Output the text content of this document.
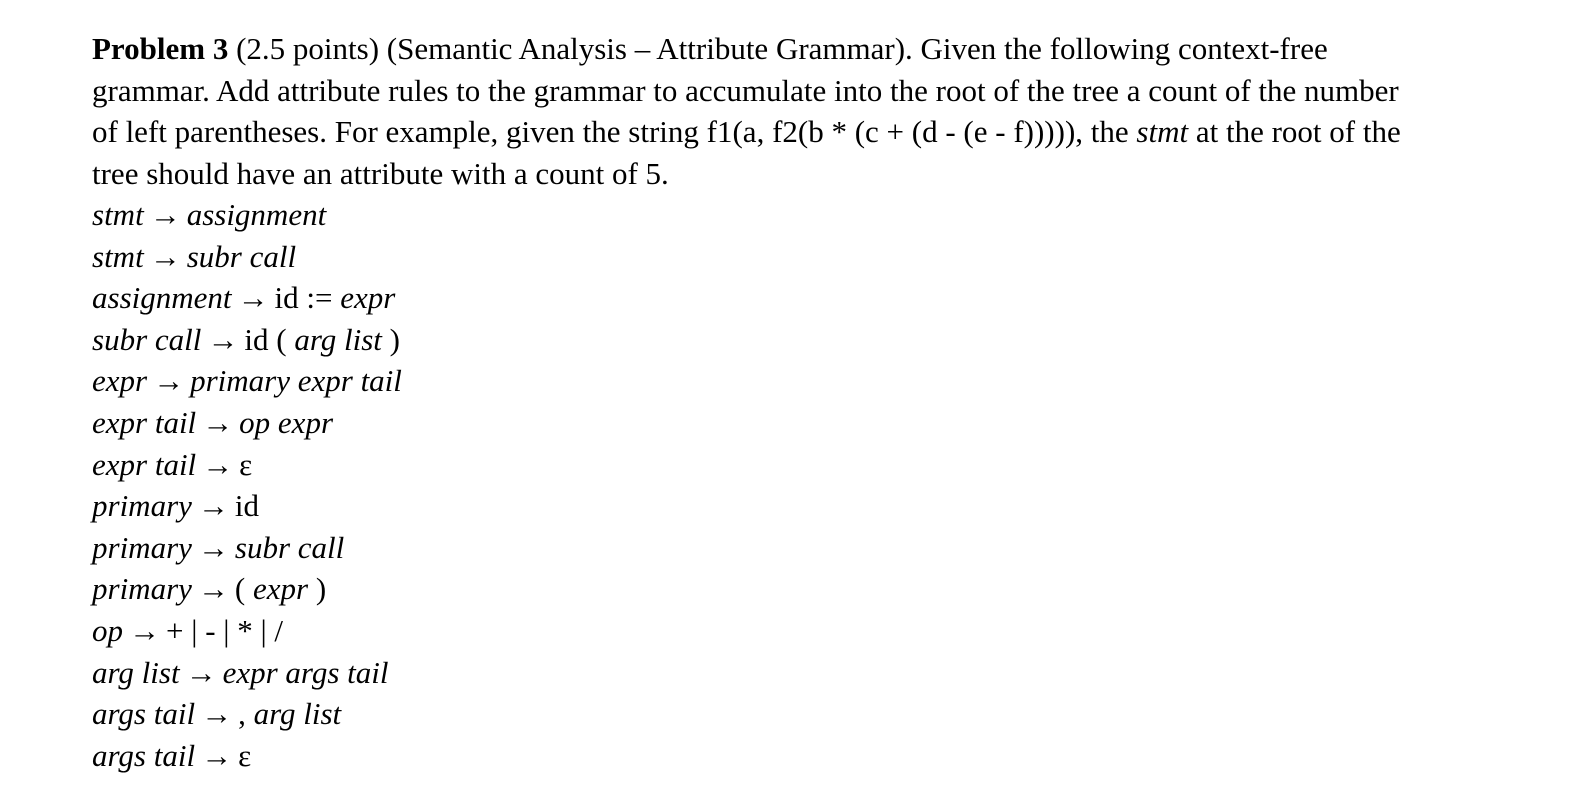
Problem 3 (2.5 points) (Semantic Analysis – Attribute Grammar). Given the following context-free grammar. Add attribute rules to the grammar to accumulate into the root of the tree a count of the number of left parentheses. For example, given the string f1(a, f2(b * (c + (d - (e - f))))), the stmt at the root of the tree should have an attribute with a count of 5.

stmt → assignment
stmt → subr call
assignment → id := expr
subr call → id ( arg list )
expr → primary expr tail
expr tail → op expr
expr tail → ε
primary → id
primary → subr call
primary → ( expr )
op → + | - | * | /
arg list → expr args tail
args tail → , arg list
args tail → ε
